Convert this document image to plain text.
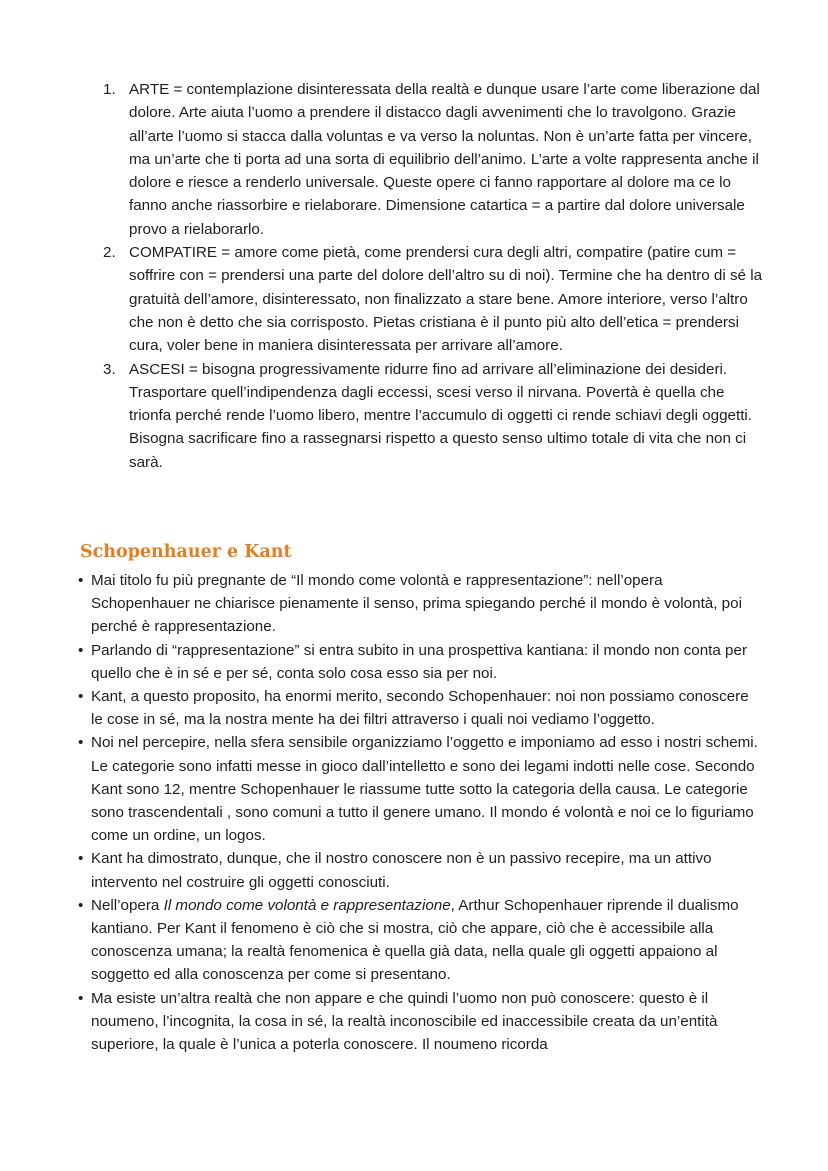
1. ARTE = contemplazione disinteressata della realtà e dunque usare l’arte come liberazione dal dolore. Arte aiuta l’uomo a prendere il distacco dagli avvenimenti che lo travolgono. Grazie all’arte l’uomo si stacca dalla voluntas e va verso la noluntas. Non è un’arte fatta per vincere, ma un’arte che ti porta ad una sorta di equilibrio dell’animo. L’arte a volte rappresenta anche il dolore e riesce a renderlo universale. Queste opere ci fanno rapportare al dolore ma ce lo fanno anche riassorbire e rielaborare. Dimensione catartica = a partire dal dolore universale provo a rielaborarlo.
2. COMPATIRE = amore come pietà, come prendersi cura degli altri, compatire (patire cum = soffrire con = prendersi una parte del dolore dell’altro su di noi). Termine che ha dentro di sé la gratuità dell’amore, disinteressato, non finalizzato a stare bene. Amore interiore, verso l’altro che non è detto che sia corrisposto. Pietas cristiana è il punto più alto dell’etica = prendersi cura, voler bene in maniera disinteressata per arrivare all’amore.
3. ASCESI = bisogna progressivamente ridurre fino ad arrivare all’eliminazione dei desideri. Trasportare quell’indipendenza dagli eccessi, scesi verso il nirvana. Povertà è quella che trionfa perché rende l’uomo libero, mentre l’accumulo di oggetti ci rende schiavi degli oggetti. Bisogna sacrificare fino a rassegnarsi rispetto a questo senso ultimo totale di vita che non ci sarà.
Schopenhauer e Kant
• Mai titolo fu più pregnante de “Il mondo come volontà e rappresentazione”: nell’opera Schopenhauer ne chiarisce pienamente il senso, prima spiegando perché il mondo è volontà, poi perché è rappresentazione.
• Parlando di “rappresentazione” si entra subito in una prospettiva kantiana: il mondo non conta per quello che è in sé e per sé, conta solo cosa esso sia per noi.
• Kant, a questo proposito, ha enormi merito, secondo Schopenhauer: noi non possiamo conoscere le cose in sé, ma la nostra mente ha dei filtri attraverso i quali noi vediamo l’oggetto.
• Noi nel percepire, nella sfera sensibile organizziamo l’oggetto e imponiamo ad esso i nostri schemi. Le categorie sono infatti messe in gioco dall’intelletto e sono dei legami indotti nelle cose. Secondo Kant sono 12, mentre Schopenhauer le riassume tutte sotto la categoria della causa. Le categorie sono trascendentali , sono comuni a tutto il genere umano. Il mondo é volontà e noi ce lo figuriamo come un ordine, un logos.
• Kant ha dimostrato, dunque, che il nostro conoscere non è un passivo recepire, ma un attivo intervento nel costruire gli oggetti conosciuti.
• Nell’opera Il mondo come volontà e rappresentazione, Arthur Schopenhauer riprende il dualismo kantiano. Per Kant il fenomeno è ciò che si mostra, ciò che appare, ciò che è accessibile alla conoscenza umana; la realtà fenomenica è quella già data, nella quale gli oggetti appaiono al soggetto ed alla conoscenza per come si presentano.
• Ma esiste un’altra realtà che non appare e che quindi l’uomo non può conoscere: questo è il noumeno, l’incognita, la cosa in sé, la realtà inconoscibile ed inaccessibile creata da un’entità superiore, la quale è l’unica a poterla conoscere. Il noumeno ricorda
